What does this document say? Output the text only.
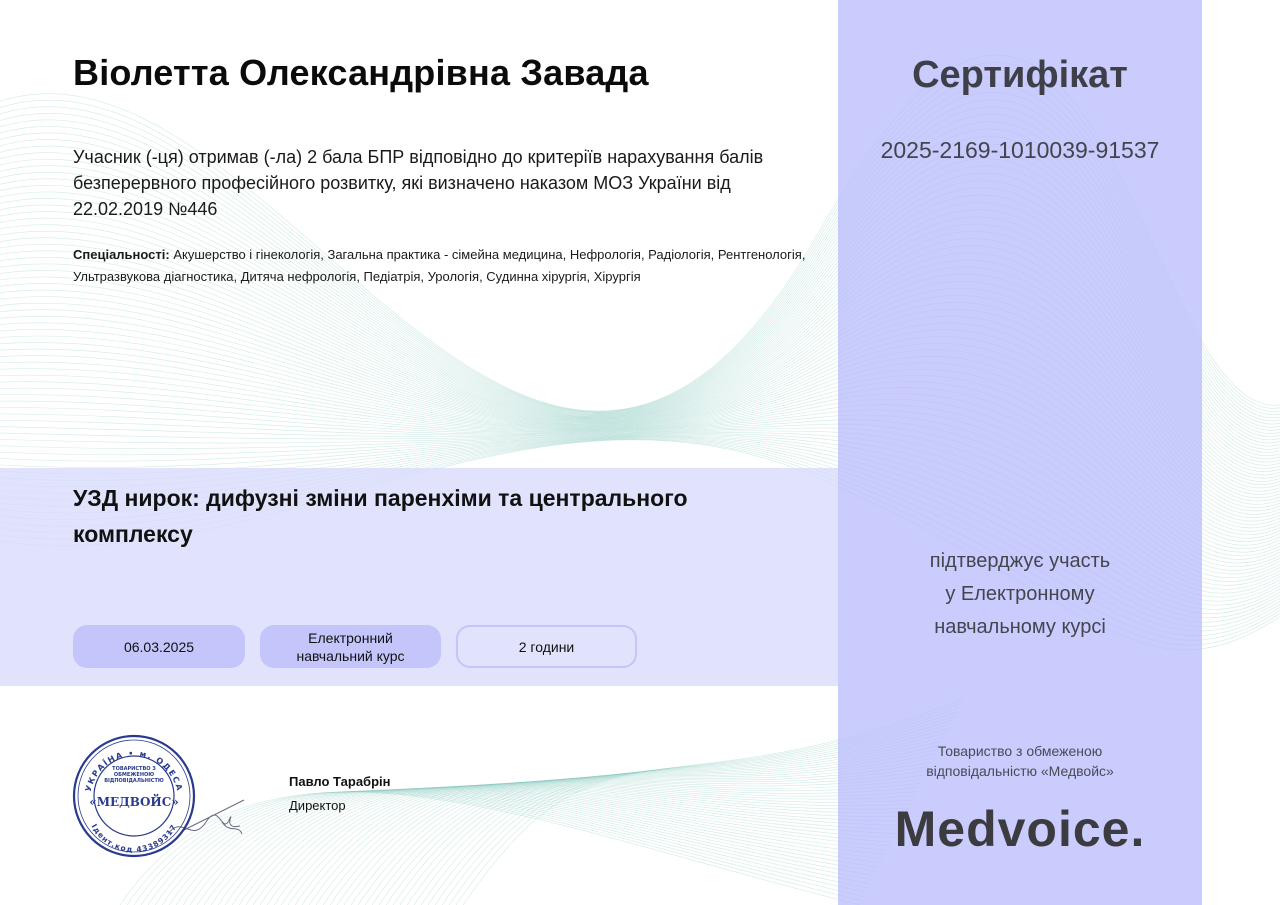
Віолетта Олександрівна Завада

Учасник (-ця) отримав (-ла) 2 бала БПР відповідно до критеріїв нарахування балів безперервного професійного розвитку, які визначено наказом МОЗ України від 22.02.2019 №446

Спеціальності: Акушерство і гінекологія, Загальна практика - сімейна медицина, Нефрологія, Радіологія, Рентгенологія, Ультразвукова діагностика, Дитяча нефрологія, Педіатрія, Урологія, Судинна хірургія, Хірургія

УЗД нирок: дифузні зміни паренхіми та центрального комплексу
06.03.2025
Електронний навчальний курс
2 години
УКРАЇНА • м. ОДЕСА
Ідент.код 43389317
ТОВАРИСТВО З ОБМЕЖЕНОЮ ВІДПОВІДАЛЬНІСТЮ
«МЕДВОЙС»

Павло Тарабрін

Директор

Сертифікат

2025-2169-1010039-91537

підтверджує участь
у Електронному
навчальному курсі
Товариство з обмеженою
відповідальністю «Медвойс»

Medvoice.
